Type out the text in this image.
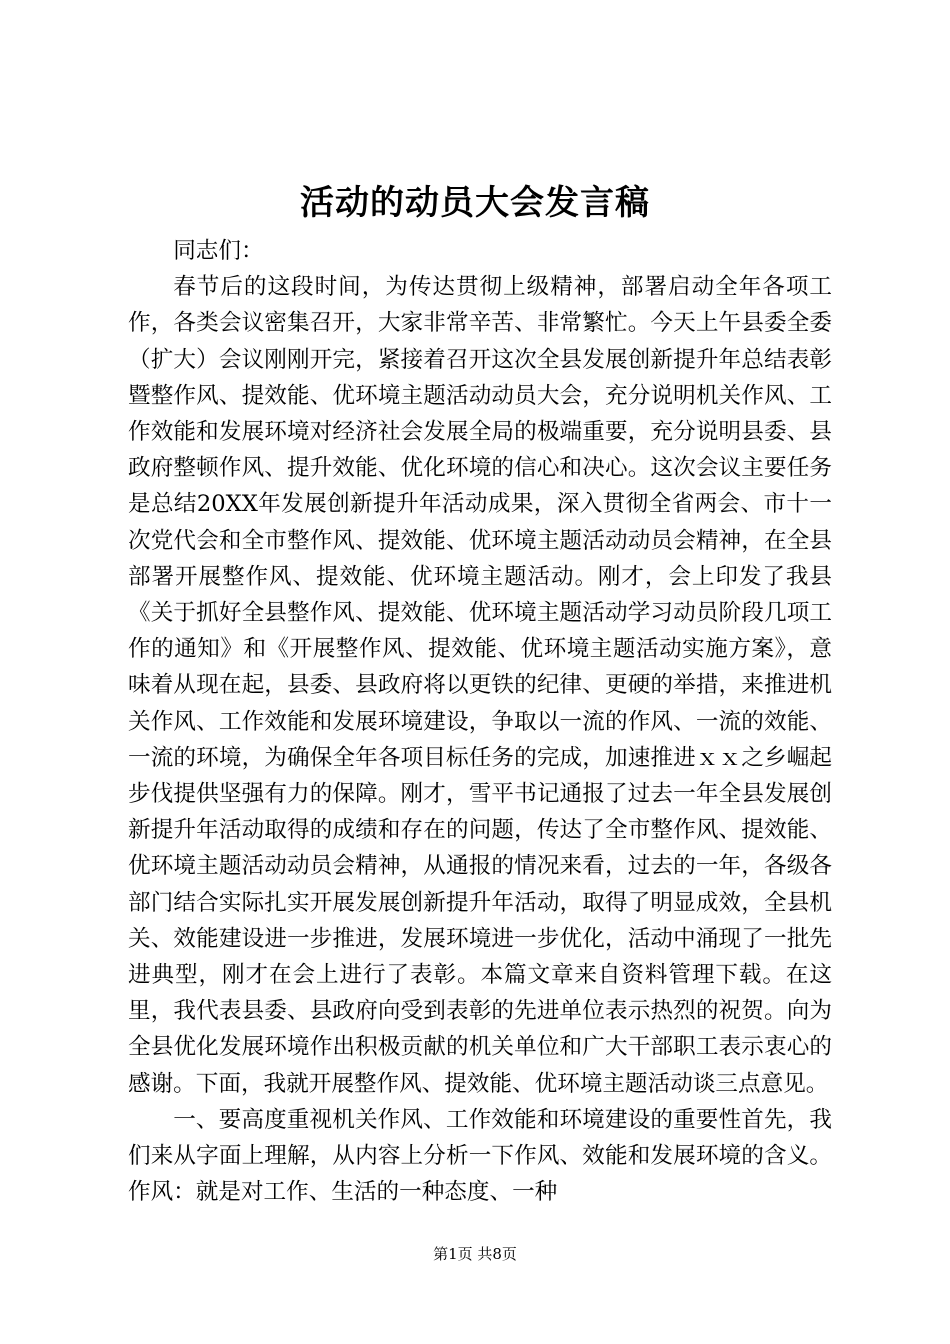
活动的动员大会发言稿

同志们：

春节后的这段时间，为传达贯彻上级精神，部署启动全年各项工作，各类会议密集召开，大家非常辛苦、非常繁忙。今天上午县委全委（扩大）会议刚刚开完，紧接着召开这次全县发展创新提升年总结表彰暨整作风、提效能、优环境主题活动动员大会，充分说明机关作风、工作效能和发展环境对经济社会发展全局的极端重要，充分说明县委、县政府整顿作风、提升效能、优化环境的信心和决心。这次会议主要任务是总结20XX年发展创新提升年活动成果，深入贯彻全省两会、市十一次党代会和全市整作风、提效能、优环境主题活动动员会精神，在全县部署开展整作风、提效能、优环境主题活动。刚才，会上印发了我县《关于抓好全县整作风、提效能、优环境主题活动学习动员阶段几项工作的通知》和《开展整作风、提效能、优环境主题活动实施方案》，意味着从现在起，县委、县政府将以更铁的纪律、更硬的举措，来推进机关作风、工作效能和发展环境建设，争取以一流的作风、一流的效能、一流的环境，为确保全年各项目标任务的完成，加速推进ｘｘ之乡崛起步伐提供坚强有力的保障。刚才，雪平书记通报了过去一年全县发展创新提升年活动取得的成绩和存在的问题，传达了全市整作风、提效能、优环境主题活动动员会精神，从通报的情况来看，过去的一年，各级各部门结合实际扎实开展发展创新提升年活动，取得了明显成效，全县机关、效能建设进一步推进，发展环境进一步优化，活动中涌现了一批先进典型，刚才在会上进行了表彰。本篇文章来自资料管理下载。在这里，我代表县委、县政府向受到表彰的先进单位表示热烈的祝贺。向为全县优化发展环境作出积极贡献的机关单位和广大干部职工表示衷心的感谢。下面，我就开展整作风、提效能、优环境主题活动谈三点意见。

一、要高度重视机关作风、工作效能和环境建设的重要性首先，我们来从字面上理解，从内容上分析一下作风、效能和发展环境的含义。作风：就是对工作、生活的一种态度、一种

第1页 共8页
